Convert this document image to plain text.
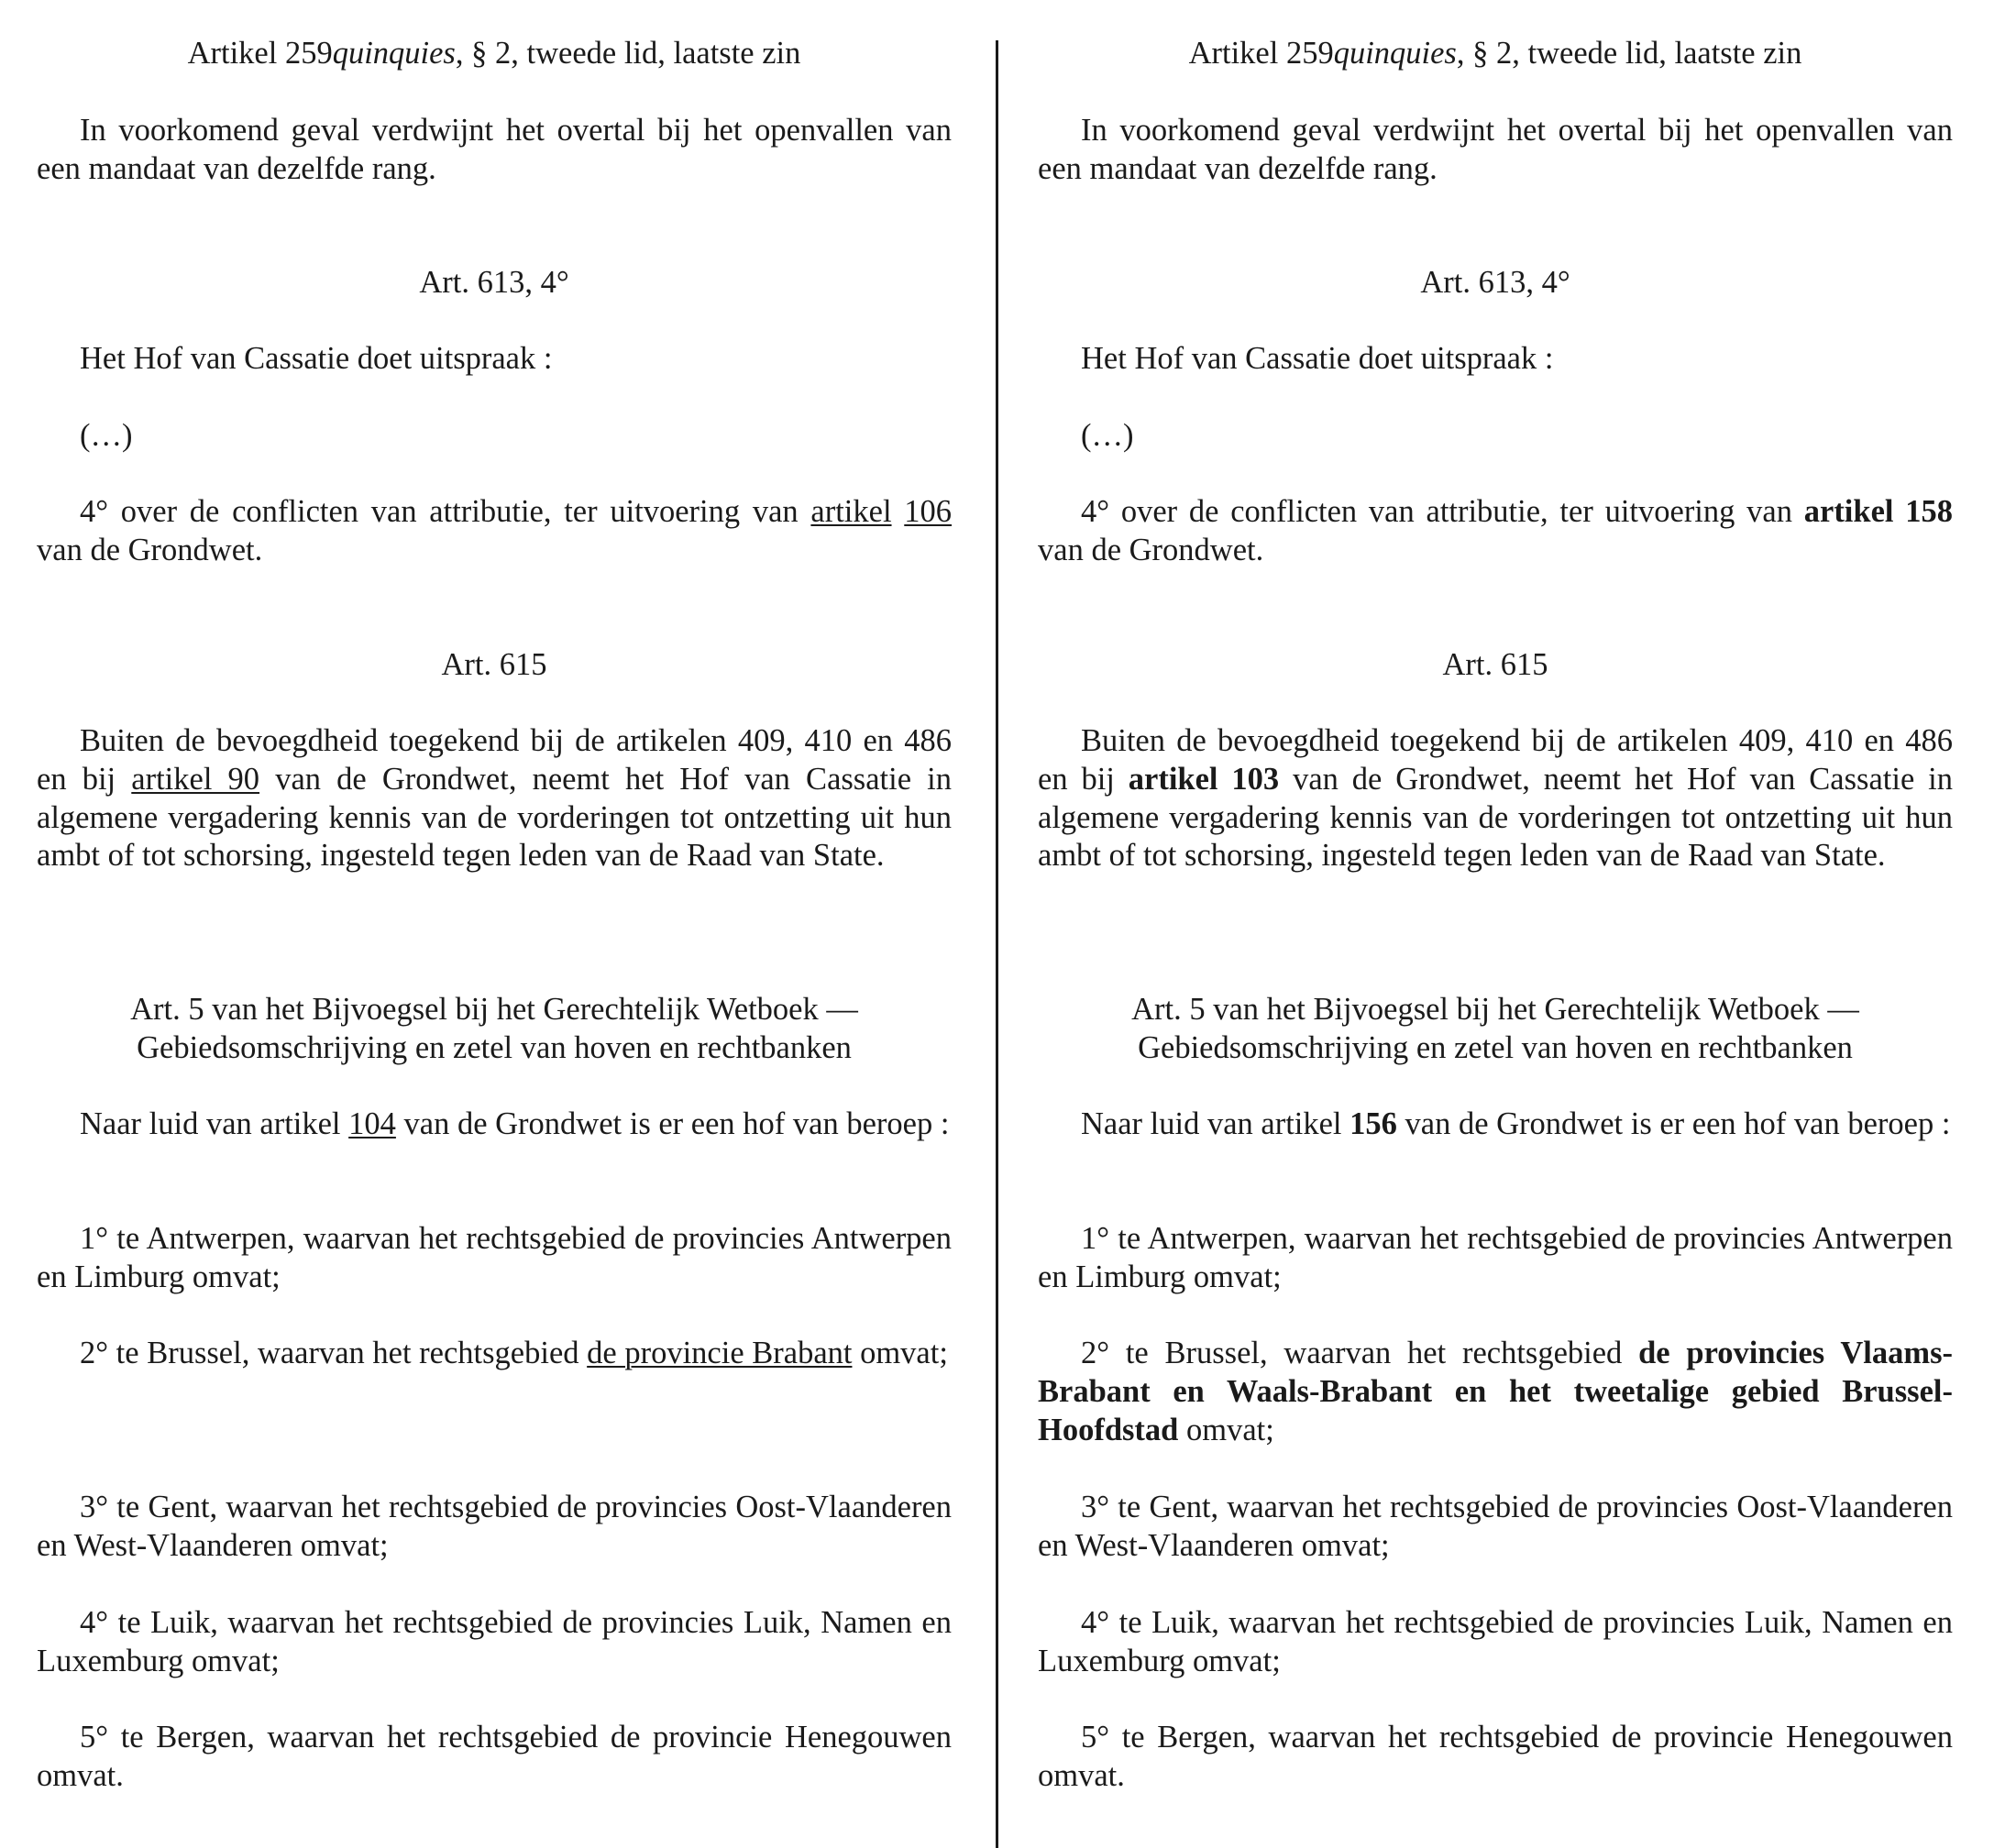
Artikel 259quinquies, § 2, tweede lid, laatste zin

In voorkomend geval verdwijnt het overtal bij het openvallen van een mandaat van dezelfde rang.

Art. 613, 4°

Het Hof van Cassatie doet uitspraak :

(…)

4° over de conflicten van attributie, ter uitvoering van artikel 106 van de Grondwet.

Art. 615

Buiten de bevoegdheid toegekend bij de artikelen 409, 410 en 486 en bij artikel 90 van de Grondwet, neemt het Hof van Cassatie in algemene vergadering kennis van de vorderingen tot ontzetting uit hun ambt of tot schorsing, ingesteld tegen leden van de Raad van State.

Art. 5 van het Bijvoegsel bij het Gerechtelijk Wetboek —
Gebiedsomschrijving en zetel van hoven en rechtbanken

Naar luid van artikel 104 van de Grondwet is er een hof van beroep :

1° te Antwerpen, waarvan het rechtsgebied de provincies Antwerpen en Limburg omvat;

2° te Brussel, waarvan het rechtsgebied de provincie Brabant omvat;

3° te Gent, waarvan het rechtsgebied de provincies Oost-Vlaanderen en West-Vlaanderen omvat;

4° te Luik, waarvan het rechtsgebied de provincies Luik, Namen en Luxemburg omvat;

5° te Bergen, waarvan het rechtsgebied de provincie Henegouwen omvat.

Artikel 259quinquies, § 2, tweede lid, laatste zin

In voorkomend geval verdwijnt het overtal bij het openvallen van een mandaat van dezelfde rang.

Art. 613, 4°

Het Hof van Cassatie doet uitspraak :

(…)

4° over de conflicten van attributie, ter uitvoering van artikel 158 van de Grondwet.

Art. 615

Buiten de bevoegdheid toegekend bij de artikelen 409, 410 en 486 en bij artikel 103 van de Grondwet, neemt het Hof van Cassatie in algemene vergadering kennis van de vorderingen tot ontzetting uit hun ambt of tot schorsing, ingesteld tegen leden van de Raad van State.

Art. 5 van het Bijvoegsel bij het Gerechtelijk Wetboek —
Gebiedsomschrijving en zetel van hoven en rechtbanken

Naar luid van artikel 156 van de Grondwet is er een hof van beroep :

1° te Antwerpen, waarvan het rechtsgebied de provincies Antwerpen en Limburg omvat;

2° te Brussel, waarvan het rechtsgebied de provincies Vlaams-Brabant en Waals-Brabant en het tweetalige gebied Brussel-Hoofdstad omvat;

3° te Gent, waarvan het rechtsgebied de provincies Oost-Vlaanderen en West-Vlaanderen omvat;

4° te Luik, waarvan het rechtsgebied de provincies Luik, Namen en Luxemburg omvat;

5° te Bergen, waarvan het rechtsgebied de provincie Henegouwen omvat.
